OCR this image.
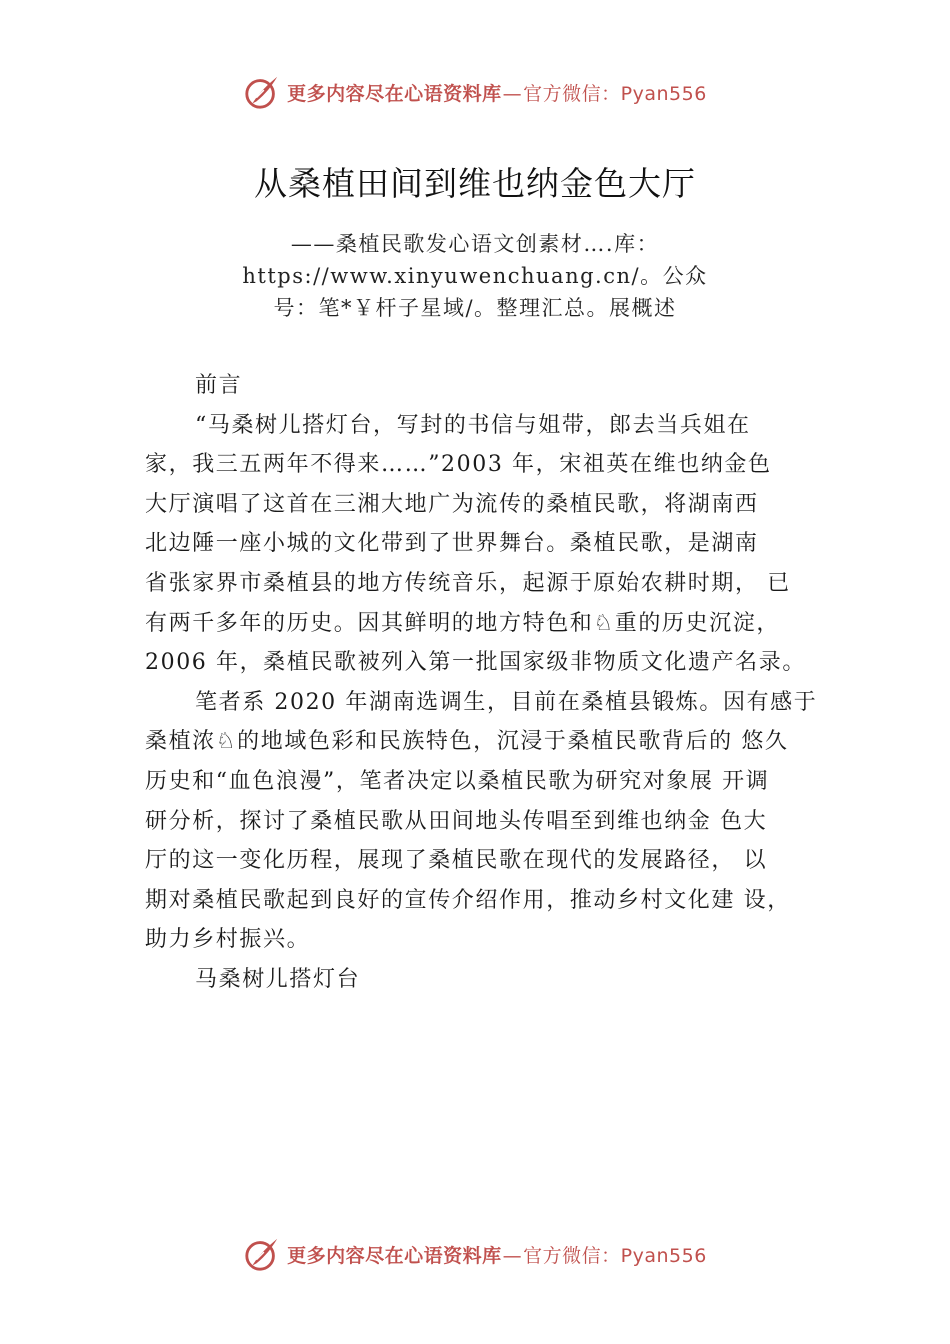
更多内容尽在心语资料库—官方微信：Pyan556
从桑植田间到维也纳金色大厅
——桑植民歌发心语文创素材….库：
https://www.xinyuwenchuang.cn/。公众
号：笔*￥杆子星域/。整理汇总。展概述
前言
“马桑树儿搭灯台，写封的书信与姐带，郎去当兵姐在
家，我三五两年不得来……”2003 年，宋祖英在维也纳金色
大厅演唱了这首在三湘大地广为流传的桑植民歌，将湖南西
北边陲一座小城的文化带到了世界舞台。桑植民歌，是湖南
省张家界市桑植县的地方传统音乐，起源于原始农耕时期， 已
有两千多年的历史。因其鲜明的地方特色和♘重的历史沉淀，
2006 年，桑植民歌被列入第一批国家级非物质文化遗产名录。
笔者系 2020 年湖南选调生，目前在桑植县锻炼。因有感于
桑植浓♘的地域色彩和民族特色，沉浸于桑植民歌背后的 悠久
历史和“血色浪漫”，笔者决定以桑植民歌为研究对象展 开调
研分析，探讨了桑植民歌从田间地头传唱至到维也纳金 色大
厅的这一变化历程，展现了桑植民歌在现代的发展路径， 以
期对桑植民歌起到良好的宣传介绍作用，推动乡村文化建 设，
助力乡村振兴。
马桑树儿搭灯台
更多内容尽在心语资料库—官方微信：Pyan556
